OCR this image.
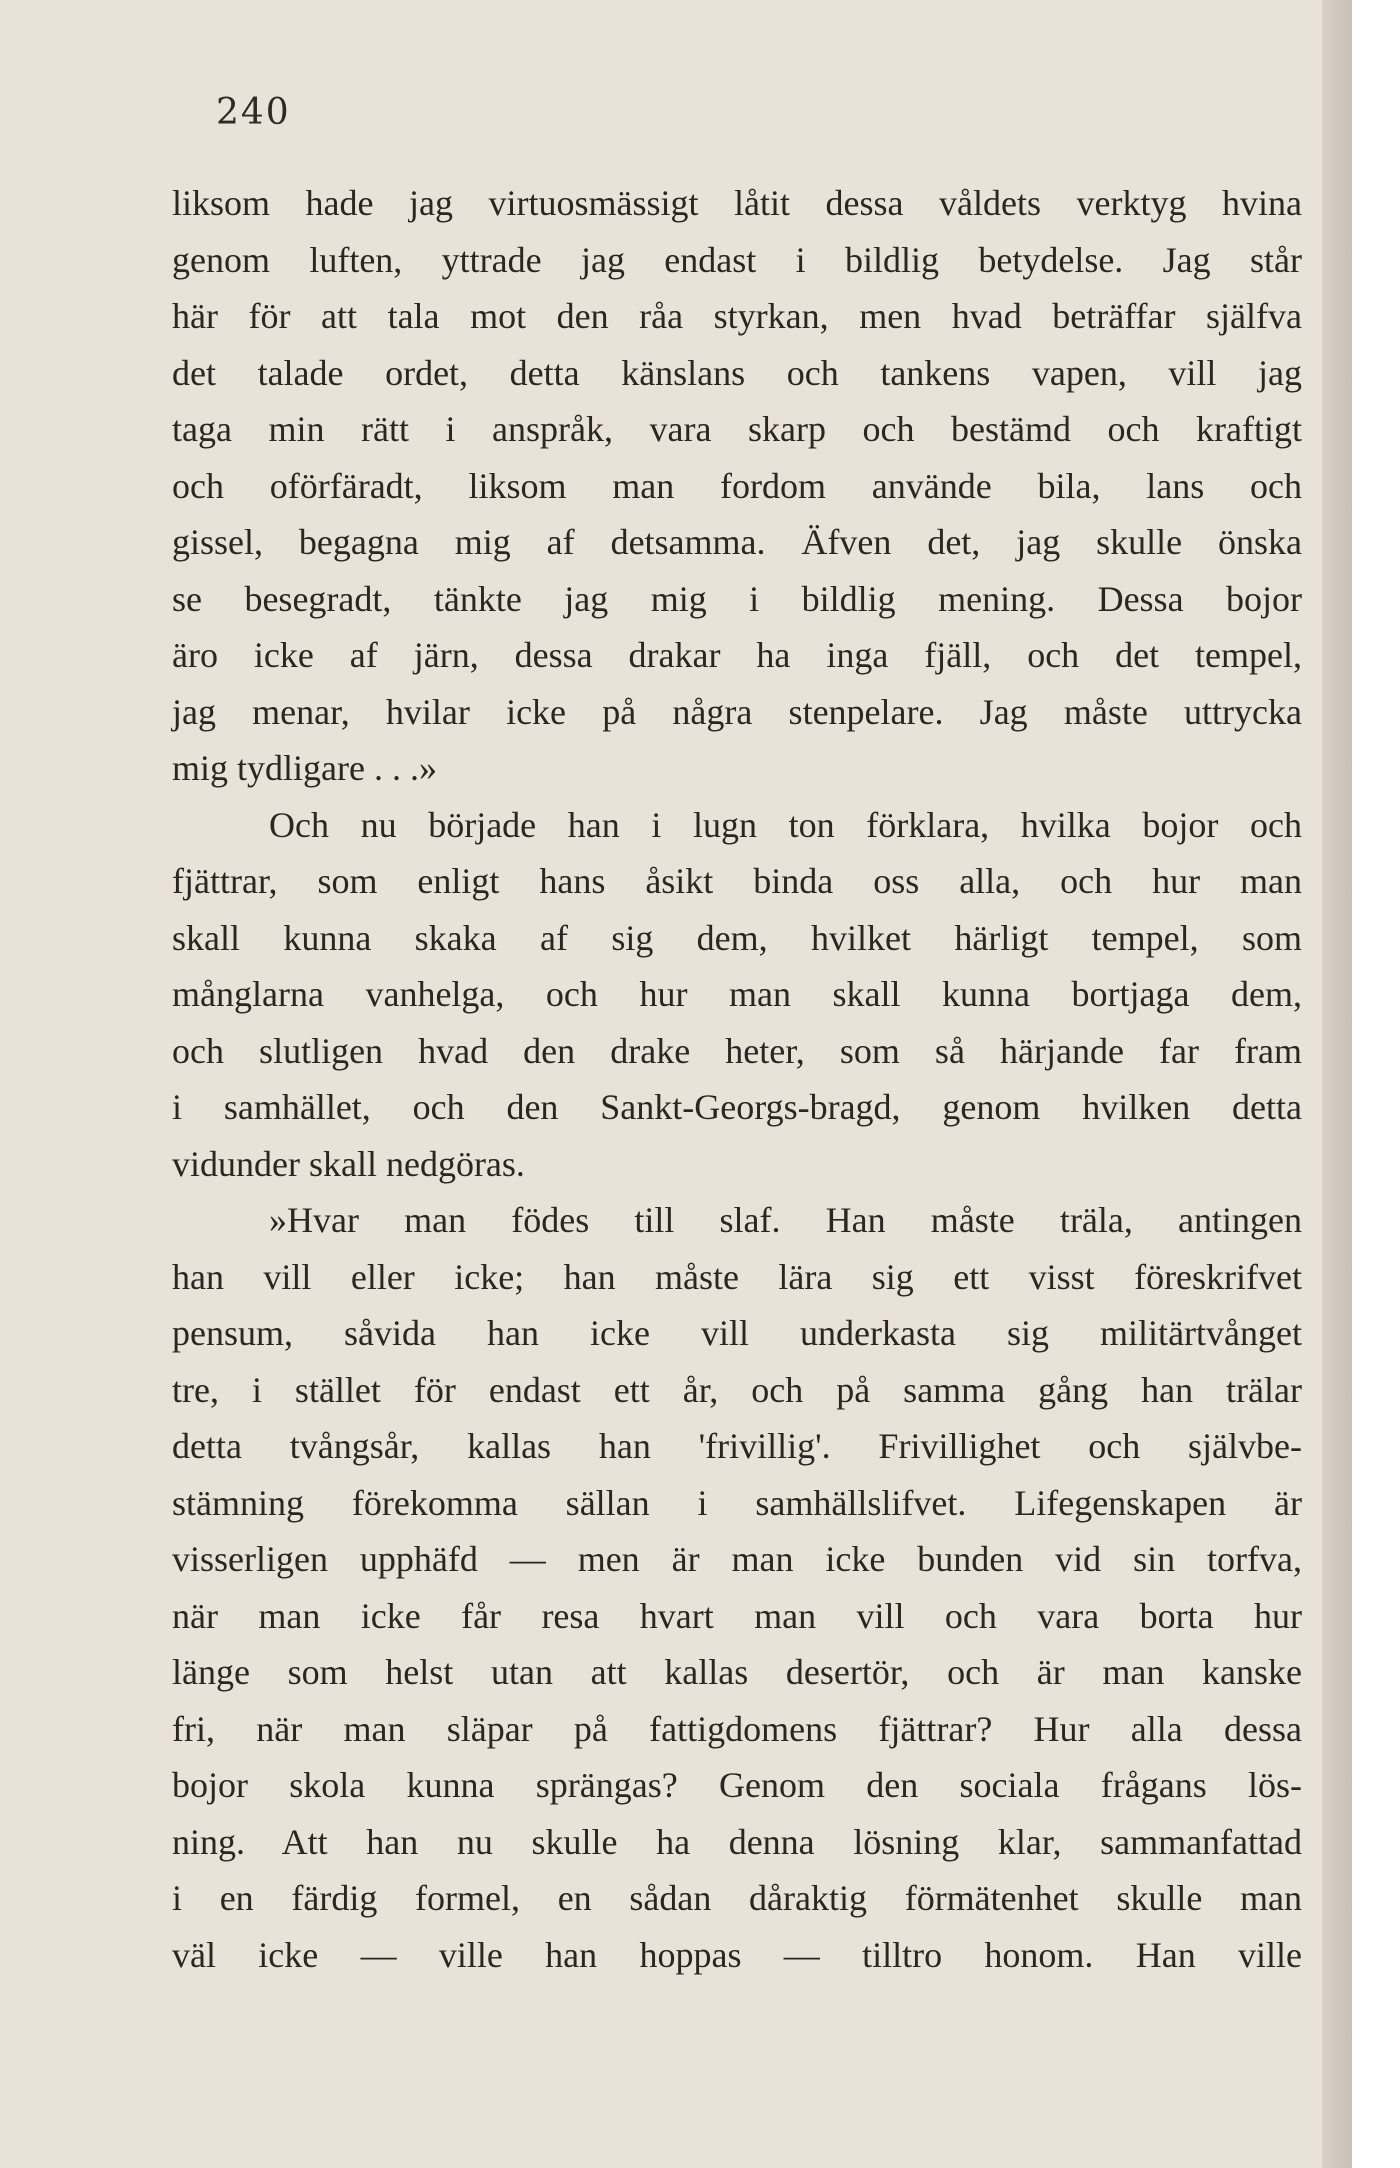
240
liksom hade jag virtuosmässigt låtit dessa våldets verktyg hvina
genom luften, yttrade jag endast i bildlig betydelse. Jag står
här för att tala mot den råa styrkan, men hvad beträffar själfva
det talade ordet, detta känslans och tankens vapen, vill jag
taga min rätt i anspråk, vara skarp och bestämd och kraftigt
och oförfäradt, liksom man fordom använde bila, lans och
gissel, begagna mig af detsamma. Äfven det, jag skulle önska
se besegradt, tänkte jag mig i bildlig mening. Dessa bojor
äro icke af järn, dessa drakar ha inga fjäll, och det tempel,
jag menar, hvilar icke på några stenpelare. Jag måste uttrycka
mig tydligare . . .»
Och nu började han i lugn ton förklara, hvilka bojor och
fjättrar, som enligt hans åsikt binda oss alla, och hur man
skall kunna skaka af sig dem, hvilket härligt tempel, som
månglarna vanhelga, och hur man skall kunna bortjaga dem,
och slutligen hvad den drake heter, som så härjande far fram
i samhället, och den Sankt-Georgs-bragd, genom hvilken detta
vidunder skall nedgöras.
»Hvar man födes till slaf. Han måste träla, antingen
han vill eller icke; han måste lära sig ett visst föreskrifvet
pensum, såvida han icke vill underkasta sig militärtvånget
tre, i stället för endast ett år, och på samma gång han trälar
detta tvångsår, kallas han 'frivillig'. Frivillighet och självbe-
stämning förekomma sällan i samhällslifvet. Lifegenskapen är
visserligen upphäfd — men är man icke bunden vid sin torfva,
när man icke får resa hvart man vill och vara borta hur
länge som helst utan att kallas desertör, och är man kanske
fri, när man släpar på fattigdomens fjättrar? Hur alla dessa
bojor skola kunna sprängas? Genom den sociala frågans lös-
ning. Att han nu skulle ha denna lösning klar, sammanfattad
i en färdig formel, en sådan dåraktig förmätenhet skulle man
väl icke — ville han hoppas — tilltro honom. Han ville
